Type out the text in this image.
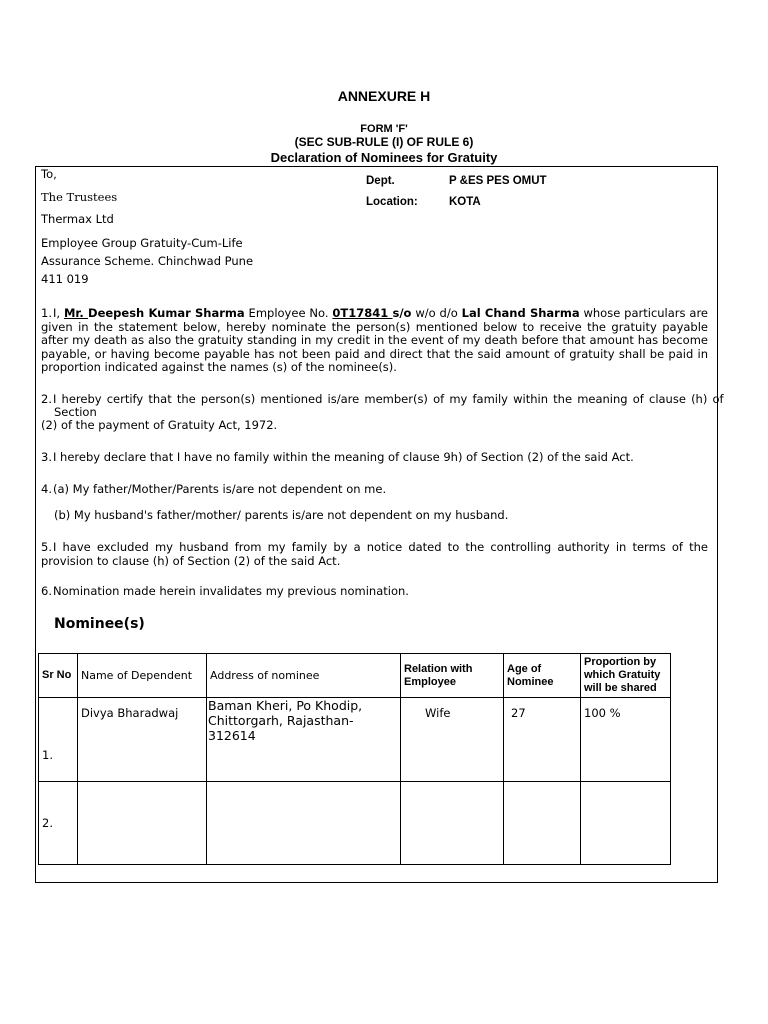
ANNEXURE H
FORM 'F'
(SEC SUB-RULE (I) OF RULE 6)
Declaration of Nominees for Gratuity
To,
The Trustees
Thermax Ltd
Employee Group Gratuity-Cum-Life
Assurance Scheme. Chinchwad Pune
411 019
Dept.	P &ES PES OMUT
Location:	KOTA
1.I, Mr. Deepesh Kumar Sharma Employee No. 0T17841 s/o w/o d/o Lal Chand Sharma whose particulars are given in the statement below, hereby nominate the person(s) mentioned below to receive the gratuity payable after my death as also the gratuity standing in my credit in the event of my death before that amount has become payable, or having become payable has not been paid and direct that the said amount of gratuity shall be paid in proportion indicated against the names (s) of the nominee(s).
2.I hereby certify that the person(s) mentioned is/are member(s) of my family within the meaning of clause (h) of
Section
(2) of the payment of Gratuity Act, 1972.
3.I hereby declare that I have no family within the meaning of clause 9h) of Section (2) of the said Act.
4.(a) My father/Mother/Parents is/are not dependent on me.
(b) My husband's father/mother/ parents is/are not dependent on my husband.
5.I have excluded my husband from my family by a notice dated to the controlling authority in terms of the provision to clause (h) of Section (2) of the said Act.
6.Nomination made herein invalidates my previous nomination.
Nominee(s)
Sr No	Name of Dependent	Address of nominee	Relation with Employee	Age of Nominee	Proportion by which Gratuity will be shared
1.	Divya Bharadwaj	Baman Kheri, Po Khodip, Chittorgarh, Rajasthan-312614	Wife	27	100 %
2.					
